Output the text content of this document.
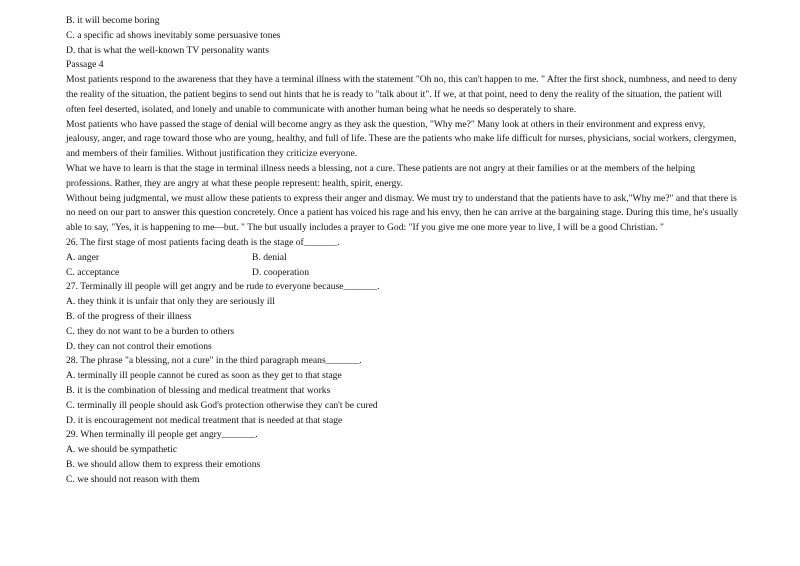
B. it will become boring
C. a specific ad shows inevitably some persuasive tones
D. that is what the well-known TV personality wants
Passage 4
Most patients respond to the awareness that they have a terminal illness with the statement "Oh no, this can't happen to me. " After the first shock, numbness, and need to deny the reality of the situation, the patient begins to send out hints that he is ready to "talk about it". If we, at that point, need to deny the reality of the situation, the patient will often feel deserted, isolated, and lonely and unable to communicate with another human being what he needs so desperately to share.
Most patients who have passed the stage of denial will become angry as they ask the question, "Why me?" Many look at others in their environment and express envy, jealousy, anger, and rage toward those who are young, healthy, and full of life. These are the patients who make life difficult for nurses, physicians, social workers, clergymen, and members of their families. Without justification they criticize everyone.
What we have to learn is that the stage in terminal illness needs a blessing, not a cure. These patients are not angry at their families or at the members of the helping professions. Rather, they are angry at what these people represent: health, spirit, energy.
Without being judgmental, we must allow these patients to express their anger and dismay. We must try to understand that the patients have to ask,"Why me?" and that there is no need on our part to answer this question concretely. Once a patient has voiced his rage and his envy, then he can arrive at the bargaining stage. During this time, he's usually able to say, "Yes, it is happening to me—but. " The but usually includes a prayer to God: "If you give me one more year to live, I will be a good Christian. "
26. The first stage of most patients facing death is the stage of_______.
A. anger	B. denial
C. acceptance	D. cooperation
27. Terminally ill people will get angry and be rude to everyone because_______.
A. they think it is unfair that only they are seriously ill
B. of the progress of their illness
C. they do not want to be a burden to others
D. they can not control their emotions
28. The phrase "a blessing, not a cure" in the third paragraph means_______.
A. terminally ill people cannot be cured as soon as they get to that stage
B. it is the combination of blessing and medical treatment that works
C. terminally ill people should ask God's protection otherwise they can't be cured
D. it is encouragement not medical treatment that is needed at that stage
29. When terminally ill people get angry_______.
A. we should be sympathetic
B. we should allow them to express their emotions
C. we should not reason with them
